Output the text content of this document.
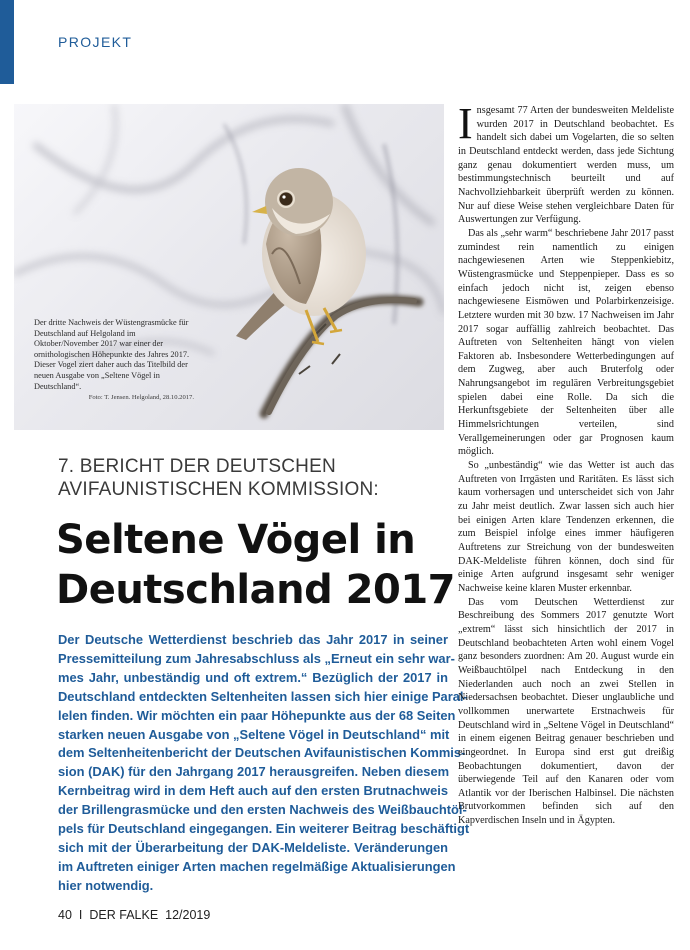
PROJEKT
Der dritte Nachweis der Wüstengrasmücke für Deutschland auf Helgoland im Oktober/November 2017 war einer der ornithologischen Höhepunkte des Jahres 2017. Dieser Vogel ziert daher auch das Titelbild der neuen Ausgabe von „Seltene Vögel in Deutschland“.
Foto: T. Jensen. Helgoland, 28.10.2017.
7. BERICHT DER DEUTSCHEN AVIFAUNISTISCHEN KOMMISSION:
Seltene Vögel in Deutschland 2017
Der Deutsche Wetterdienst beschrieb das Jahr 2017 in seiner
Pressemitteilung zum Jahresabschluss als „Erneut ein sehr war-
mes Jahr, unbeständig und oft extrem.“ Bezüglich der 2017 in
Deutschland entdeckten Seltenheiten lassen sich hier einige Paral-
lelen finden. Wir möchten ein paar Höhepunkte aus der 68 Seiten
starken neuen Ausgabe von „Seltene Vögel in Deutschland“ mit
dem Seltenheitenbericht der Deutschen Avifaunistischen Kommis-
sion (DAK) für den Jahrgang 2017 herausgreifen. Neben diesem
Kernbeitrag wird in dem Heft auch auf den ersten Brutnachweis
der Brillengrasmücke und den ersten Nachweis des Weißbauchtöl-
pels für Deutschland eingegangen. Ein weiterer Beitrag beschäftigt
sich mit der Überarbeitung der DAK-Meldeliste. Veränderungen
im Auftreten einiger Arten machen regelmäßige Aktualisierungen
hier notwendig.

Insgesamt 77 Arten der bundesweiten Meldeliste wurden 2017 in Deutschland beobachtet. Es handelt sich dabei um Vogelarten, die so selten in Deutschland entdeckt werden, dass jede Sichtung ganz genau dokumentiert werden muss, um bestimmungstechnisch beurteilt und auf Nachvollziehbarkeit überprüft werden zu können. Nur auf diese Weise stehen vergleichbare Daten für Auswertungen zur Verfügung.

Das als „sehr warm“ beschriebene Jahr 2017 passt zumindest rein namentlich zu einigen nachgewiesenen Arten wie Steppenkiebitz, Wüstengrasmücke und Steppenpieper. Dass es so einfach jedoch nicht ist, zeigen ebenso nachgewiesene Eismöwen und Polarbirkenzeisige. Letztere wurden mit 30 bzw. 17 Nachweisen im Jahr 2017 sogar auffällig zahlreich beobachtet. Das Auftreten von Seltenheiten hängt von vielen Faktoren ab. Insbesondere Wetterbedingungen auf dem Zugweg, aber auch Bruterfolg oder Nahrungsangebot im regulären Verbreitungsgebiet spielen dabei eine Rolle. Da sich die Herkunftsgebiete der Seltenheiten über alle Himmelsrichtungen verteilen, sind Verallgemeinerungen oder gar Prognosen kaum möglich.

So „unbeständig“ wie das Wetter ist auch das Auftreten von Irrgästen und Raritäten. Es lässt sich kaum vorhersagen und unterscheidet sich von Jahr zu Jahr meist deutlich. Zwar lassen sich auch hier bei einigen Arten klare Tendenzen erkennen, die zum Beispiel infolge eines immer häufigeren Auftretens zur Streichung von der bundesweiten DAK-Meldeliste führen können, doch sind für einige Arten aufgrund insgesamt sehr weniger Nachweise keine klaren Muster erkennbar.

Das vom Deutschen Wetterdienst zur Beschreibung des Sommers 2017 genutzte Wort „extrem“ lässt sich hinsichtlich der 2017 in Deutschland beobachteten Arten wohl einem Vogel ganz besonders zuordnen: Am 20. August wurde ein Weißbauchtölpel nach Entdeckung in den Niederlanden auch noch an zwei Stellen in Niedersachsen beobachtet. Dieser unglaubliche und vollkommen unerwartete Erstnachweis für Deutschland wird in „Seltene Vögel in Deutschland“ in einem eigenen Beitrag genauer beschrieben und eingeordnet. In Europa sind erst gut dreißig Beobachtungen dokumentiert, davon der überwiegende Teil auf den Kanaren oder vom Atlantik vor der Iberischen Halbinsel. Die nächsten Brutvorkommen befinden sich auf den Kapverdischen Inseln und in Ägypten.

40 I DER FALKE 12/2019
